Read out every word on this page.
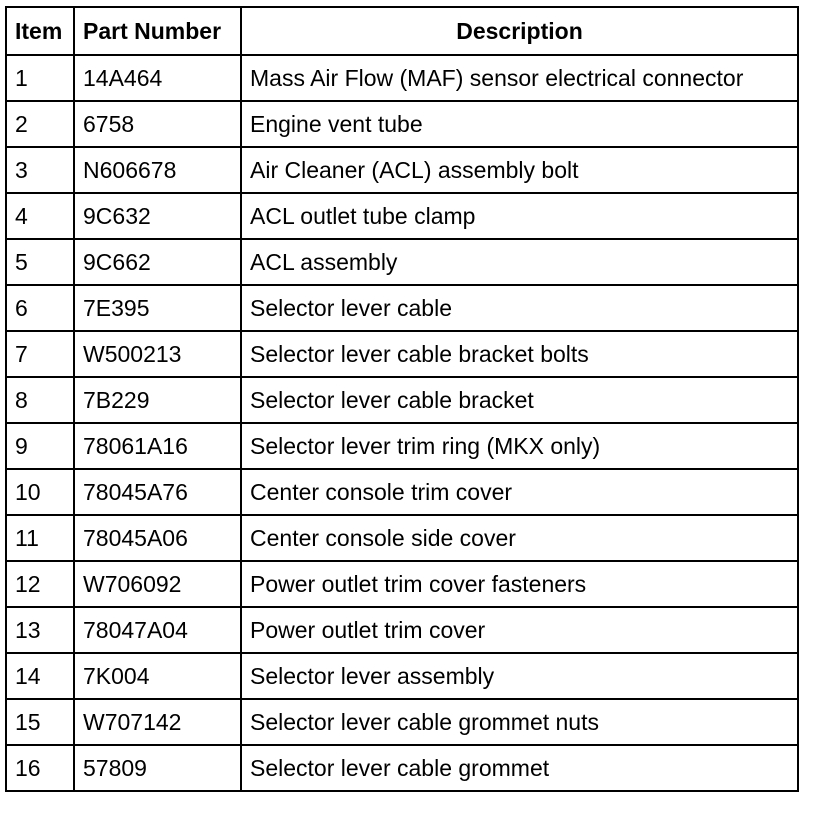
Item	Part Number	Description
1	14A464	Mass Air Flow (MAF) sensor electrical connector
2	6758	Engine vent tube
3	N606678	Air Cleaner (ACL) assembly bolt
4	9C632	ACL outlet tube clamp
5	9C662	ACL assembly
6	7E395	Selector lever cable
7	W500213	Selector lever cable bracket bolts
8	7B229	Selector lever cable bracket
9	78061A16	Selector lever trim ring (MKX only)
10	78045A76	Center console trim cover
11	78045A06	Center console side cover
12	W706092	Power outlet trim cover fasteners
13	78047A04	Power outlet trim cover
14	7K004	Selector lever assembly
15	W707142	Selector lever cable grommet nuts
16	57809	Selector lever cable grommet
